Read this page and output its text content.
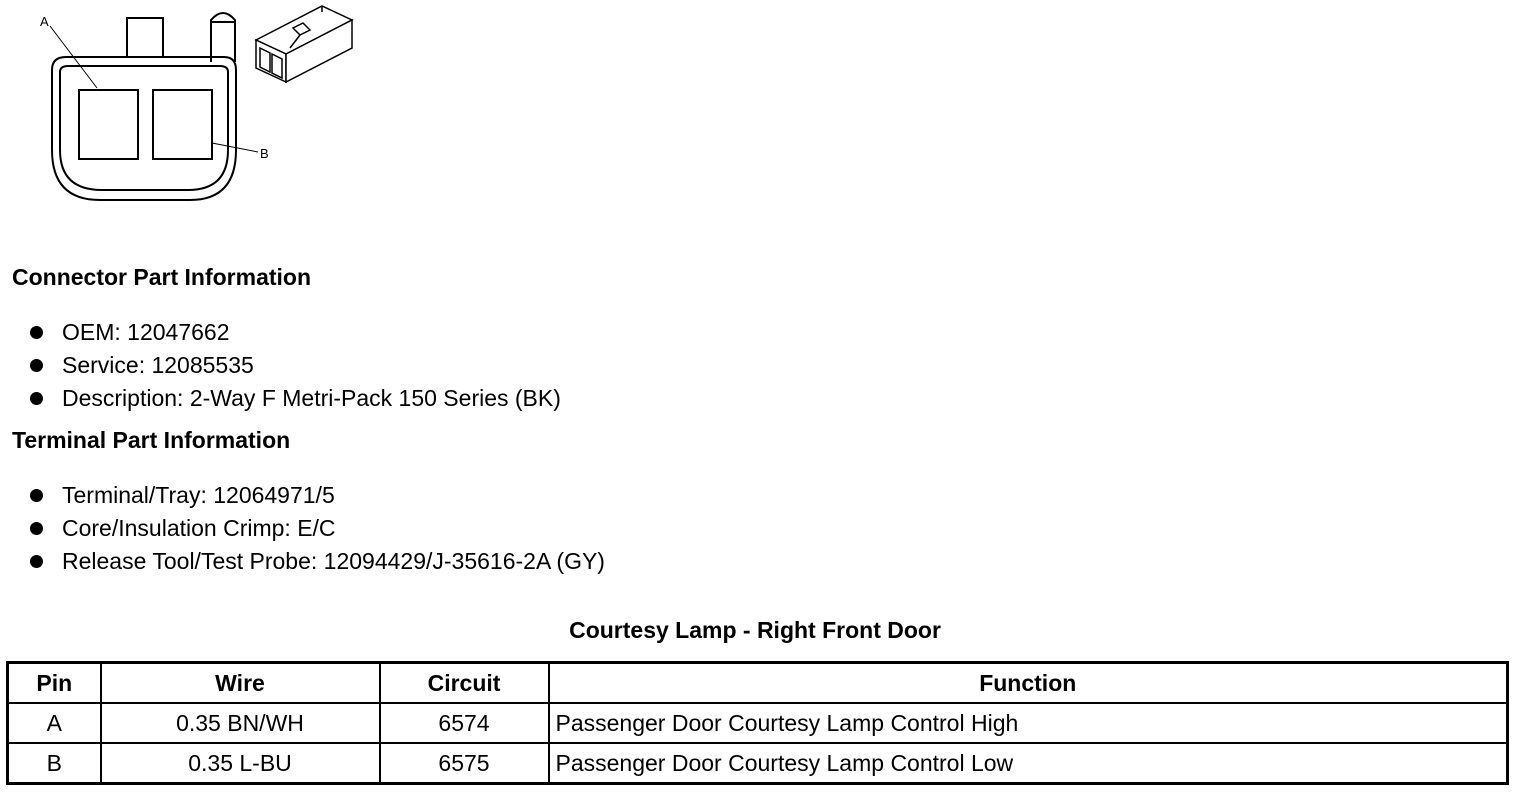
A
B
Connector Part Information
OEM: 12047662
Service: 12085535
Description: 2-Way F Metri-Pack 150 Series (BK)
Terminal Part Information
Terminal/Tray: 12064971/5
Core/Insulation Crimp: E/C
Release Tool/Test Probe: 12094429/J-35616-2A (GY)
Courtesy Lamp - Right Front Door
Pin	Wire	Circuit	Function
A	0.35 BN/WH	6574	Passenger Door Courtesy Lamp Control High
B	0.35 L-BU	6575	Passenger Door Courtesy Lamp Control Low
